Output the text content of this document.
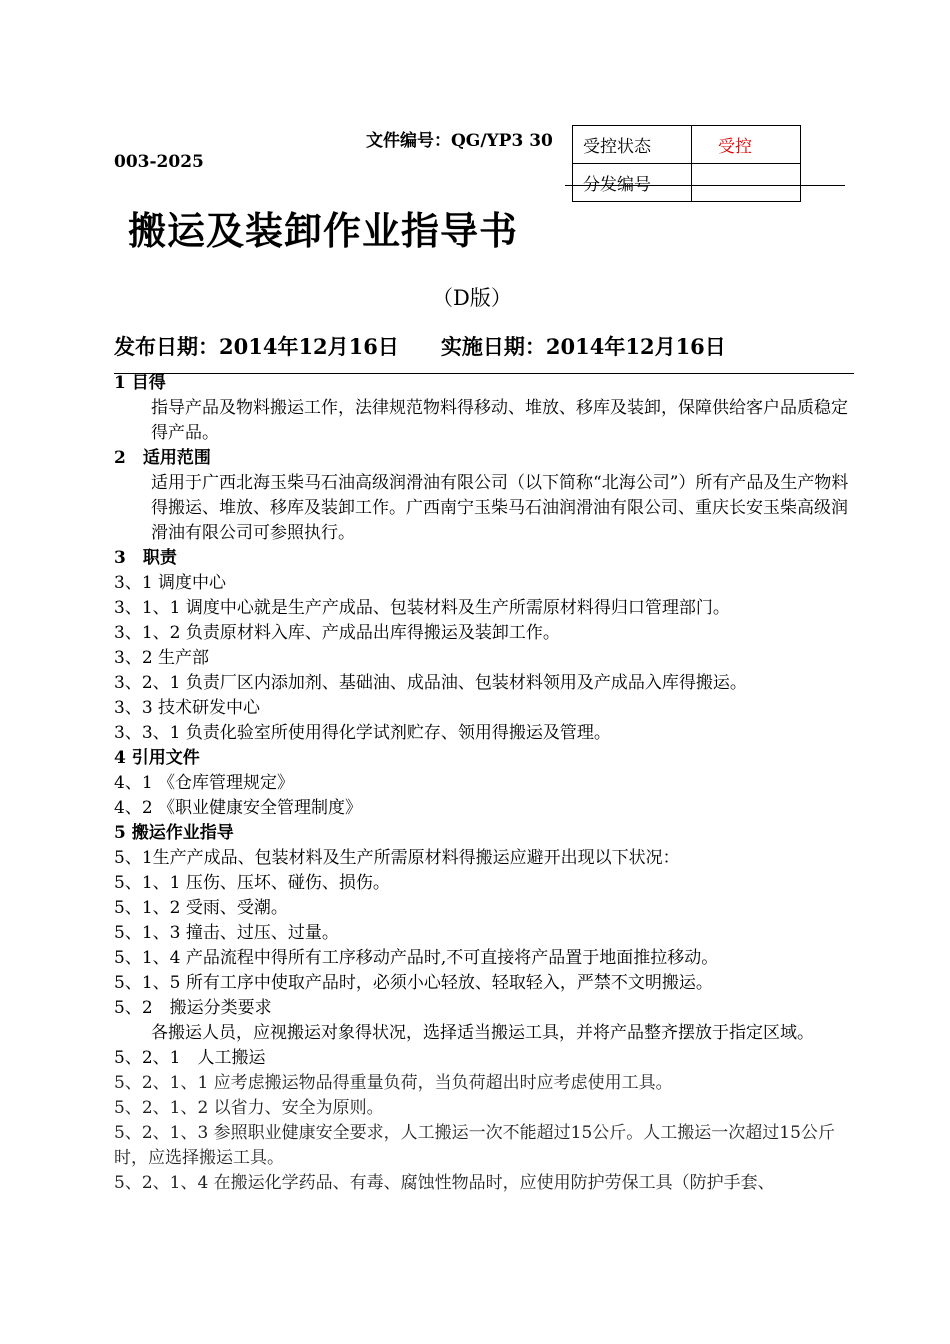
文件编号：QG/YP3 30
003-2025
受控状态	受控
分发编号	
搬运及装卸作业指导书
（D版）
发布日期：2014年12月16日　　实施日期：2014年12月16日
1 目得
指导产品及物料搬运工作，法律规范物料得移动、堆放、移库及装卸，保障供给客户品质稳定得产品。
2　适用范围
适用于广西北海玉柴马石油高级润滑油有限公司（以下简称“北海公司”）所有产品及生产物料得搬运、堆放、移库及装卸工作。广西南宁玉柴马石油润滑油有限公司、重庆长安玉柴高级润滑油有限公司可参照执行。
3　职责
3、1 调度中心
3、1、1 调度中心就是生产产成品、包装材料及生产所需原材料得归口管理部门。
3、1、2 负责原材料入库、产成品出库得搬运及装卸工作。
3、2 生产部
3、2、1 负责厂区内添加剂、基础油、成品油、包装材料领用及产成品入库得搬运。
3、3 技术研发中心
3、3、1 负责化验室所使用得化学试剂贮存、领用得搬运及管理。
4 引用文件
4、1 《仓库管理规定》
4、2 《职业健康安全管理制度》
5 搬运作业指导
5、1生产产成品、包装材料及生产所需原材料得搬运应避开出现以下状况：
5、1、1 压伤、压坏、碰伤、损伤。
5、1、2 受雨、受潮。
5、1、3 撞击、过压、过量。
5、1、4 产品流程中得所有工序移动产品时,不可直接将产品置于地面推拉移动。
5、1、5 所有工序中使取产品时，必须小心轻放、轻取轻入，严禁不文明搬运。
5、2　搬运分类要求
各搬运人员，应视搬运对象得状况，选择适当搬运工具，并将产品整齐摆放于指定区域。
5、2、1　人工搬运
5、2、1、1 应考虑搬运物品得重量负荷，当负荷超出时应考虑使用工具。
5、2、1、2 以省力、安全为原则。
5、2、1、3 参照职业健康安全要求，人工搬运一次不能超过15公斤。人工搬运一次超过15公斤时，应选择搬运工具。
5、2、1、4 在搬运化学药品、有毒、腐蚀性物品时，应使用防护劳保工具（防护手套、
